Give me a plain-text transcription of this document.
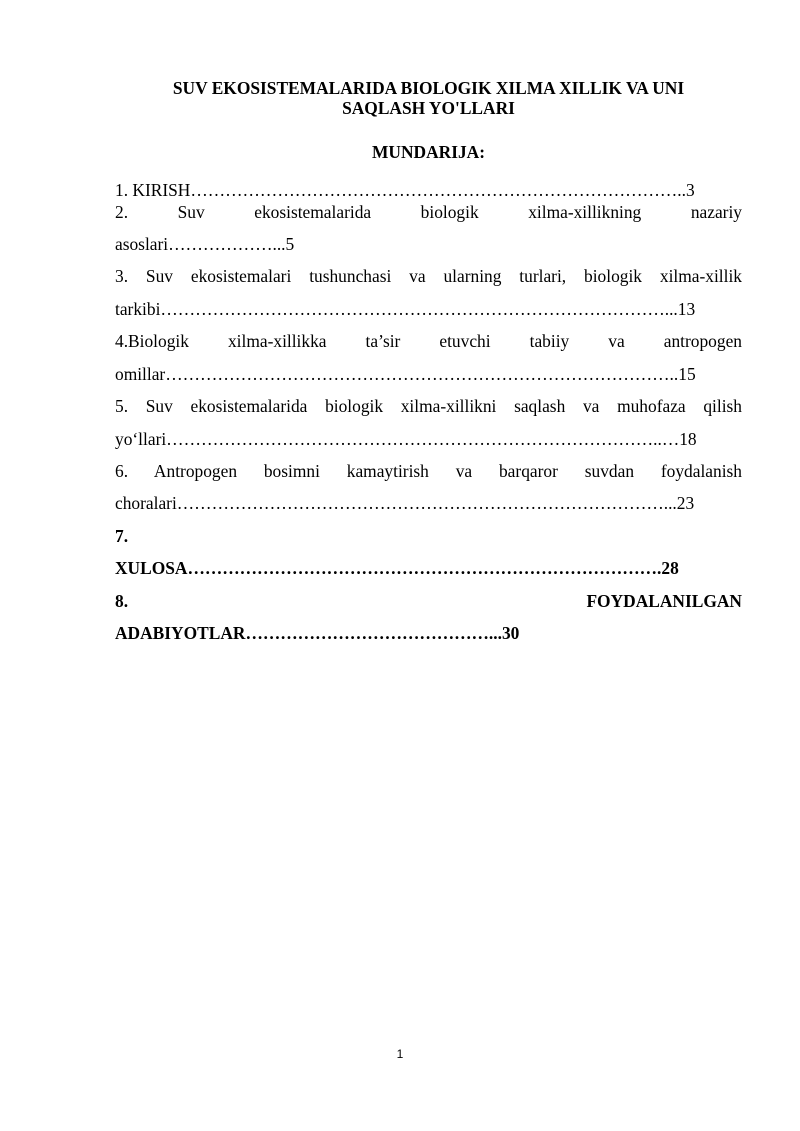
SUV EKOSISTEMALARIDA BIOLOGIK XILMA XILLIK VA UNI
SAQLASH YO'LLARI
MUNDARIJA:
1. KIRISH…………………………………………………………………………..3
2. Suv ekosistemalarida biologik xilma-xillikning nazariy
asoslari………………...5
3. Suv ekosistemalari tushunchasi va ularning turlari, biologik xilma-xillik
tarkibi……………………………………………………………………………...13
4.Biologik xilma-xillikka ta’sir etuvchi tabiiy va antropogen
omillar……………………………………………………………………………..15
5. Suv ekosistemalarida biologik xilma-xillikni saqlash va muhofaza qilish
yo‘llari…………………………………………………………………………..…18
6. Antropogen bosimni kamaytirish va barqaror suvdan foydalanish
choralari…………………………………………………………………………...23
7.
XULOSA……………………………………………………………………….28
8. FOYDALANILGAN
ADABIYOTLAR……………………………………...30
1
